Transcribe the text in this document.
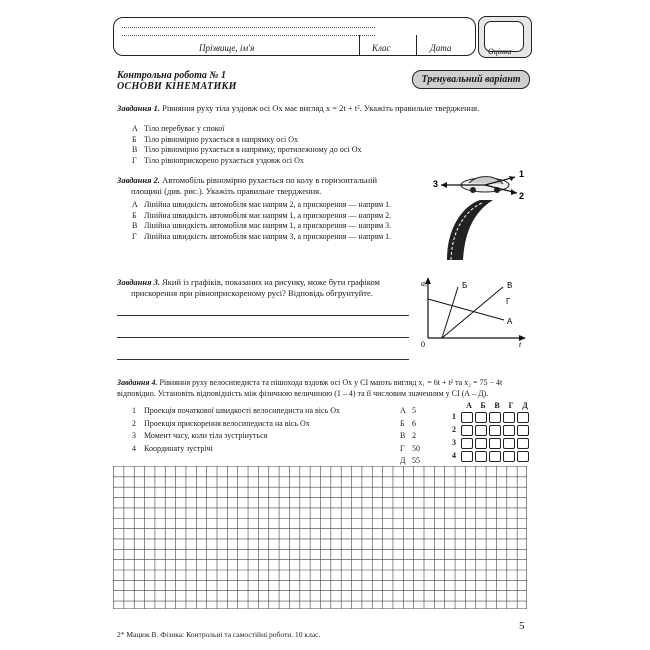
Прізвище, ім'я	Клас	Дата	Оцінка
Контрольна робота № 1
ОСНОВИ КІНЕМАТИКИ
Тренувальний варіант
Завдання 1. Рівняння руху тіла уздовж осі Ox має вигляд x = 2t + t². Укажіть правильне твердження.
А Тіло перебуває у спокої
Б Тіло рівномірно рухається в напрямку осі Ox
В Тіло рівномірно рухається в напрямку, протилежному до осі Ox
Г Тіло рівноприскорено рухається уздовж осі Ox
Завдання 2. Автомобіль рівномірно рухається по колу в горизонтальній
площині (див. рис.). Укажіть правильне твердження.
А Лінійна швидкість автомобіля має напрям 2, а прискорення — напрям 1.
Б Лінійна швидкість автомобіля має напрям 1, а прискорення — напрям 2.
В Лінійна швидкість автомобіля має напрям 1, а прискорення — напрям 3.
Г Лінійна швидкість автомобіля має напрям 3, а прискорення — напрям 1.
1
2
3
Завдання 3. Який із графіків, показаних на рисунку, може бути графіком
прискорення при рівноприскореному русі? Відповідь обгрунтуйте.
aₓ
t
0
Б	В
Г
А
Завдання 4. Рівняння руху велосипедиста та пішохода вздовж осі Ox у СІ мають вигляд x₁ = 6t + t² та x₂ = 75 − 4t
відповідно. Установіть відповідність між фізичною величиною (1 – 4) та її числовим значенням у СІ (А – Д).
1 Проекція початкової швидкості велосипедиста на вісь Ox
2 Проекція прискорення велосипедиста на вісь Ox
3 Момент часу, коли тіла зустрінуться
4 Координату зустрічі
А 5
Б 6
В 2
Г 50
Д 55
А Б В Г Д
1
2
3
4
5
2* Мацюк В. Фізика: Контрольні та самостійні роботи. 10 клас.
